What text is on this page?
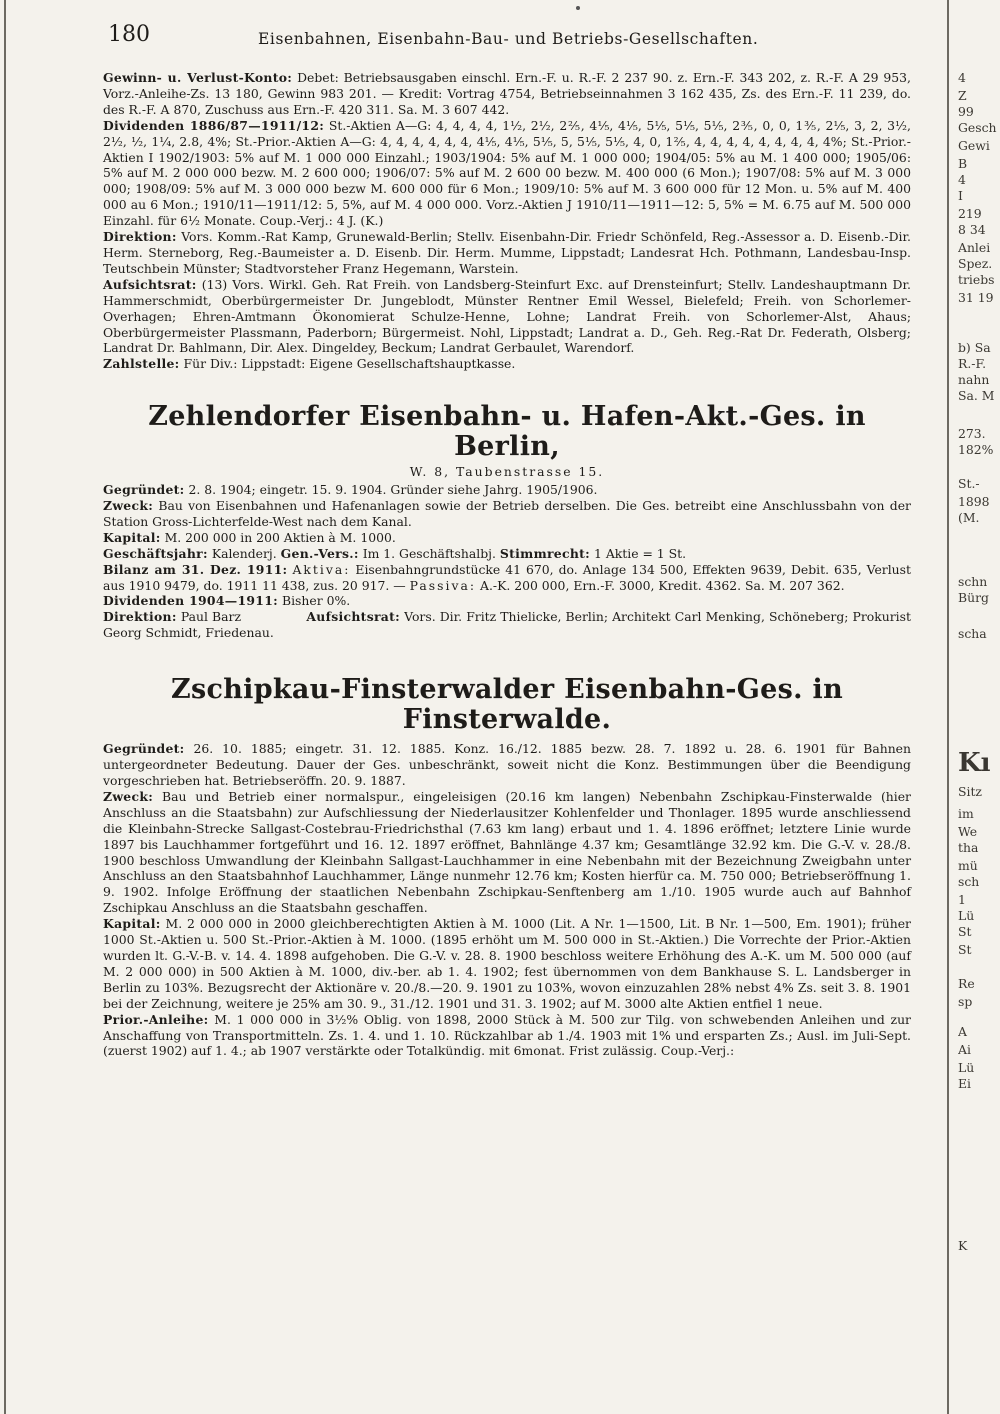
180	Eisenbahnen, Eisenbahn-Bau- und Betriebs-Gesellschaften.

Gewinn- u. Verlust-Konto: Debet: Betriebsausgaben einschl. Ern.-F. u. R.-F. 2 237 90. z. Ern.-F. 343 202, z. R.-F. A 29 953, Vorz.-Anleihe-Zs. 13 180, Gewinn 983 201. — Kredit: Vortrag 4754, Betriebseinnahmen 3 162 435, Zs. des Ern.-F. 11 239, do. des R.-F. A 870, Zuschuss aus Ern.-F. 420 311. Sa. M. 3 607 442.

Dividenden 1886/87—1911/12: St.-Aktien A—G: 4, 4, 4, 4, 1½, 2½, 2⅖, 4⅕, 4⅕, 5⅕, 5⅕, 5⅕, 2⅗, 0, 0, 1⅗, 2⅕, 3, 2, 3½, 2½, ½, 1¼, 2.8, 4%; St.-Prior.-Aktien A—G: 4, 4, 4, 4, 4, 4, 4⅕, 4⅕, 5⅕, 5, 5⅕, 5⅕, 4, 0, 1⅖, 4, 4, 4, 4, 4, 4, 4, 4, 4%; St.-Prior.-Aktien I 1902/1903: 5% auf M. 1 000 000 Einzahl.; 1903/1904: 5% auf M. 1 000 000; 1904/05: 5% au M. 1 400 000; 1905/06: 5% auf M. 2 000 000 bezw. M. 2 600 000; 1906/07: 5% auf M. 2 600 00 bezw. M. 400 000 (6 Mon.); 1907/08: 5% auf M. 3 000 000; 1908/09: 5% auf M. 3 000 000 bezw M. 600 000 für 6 Mon.; 1909/10: 5% auf M. 3 600 000 für 12 Mon. u. 5% auf M. 400 000 au 6 Mon.; 1910/11—1911/12: 5, 5%, auf M. 4 000 000. Vorz.-Aktien J 1910/11—1911—12: 5, 5% = M. 6.75 auf M. 500 000 Einzahl. für 6½ Monate. Coup.-Verj.: 4 J. (K.)

Direktion: Vors. Komm.-Rat Kamp, Grunewald-Berlin; Stellv. Eisenbahn-Dir. Friedr Schönfeld, Reg.-Assessor a. D. Eisenb.-Dir. Herm. Sterneborg, Reg.-Baumeister a. D. Eisenb. Dir. Herm. Mumme, Lippstadt; Landesrat Hch. Pothmann, Landesbau-Insp. Teutschbein Münster; Stadtvorsteher Franz Hegemann, Warstein.

Aufsichtsrat: (13) Vors. Wirkl. Geh. Rat Freih. von Landsberg-Steinfurt Exc. auf Drensteinfurt; Stellv. Landeshauptmann Dr. Hammerschmidt, Oberbürgermeister Dr. Jungeblodt, Münster Rentner Emil Wessel, Bielefeld; Freih. von Schorlemer-Overhagen; Ehren-Amtmann Ökonomierat Schulze-Henne, Lohne; Landrat Freih. von Schorlemer-Alst, Ahaus; Oberbürgermeister Plassmann, Paderborn; Bürgermeist. Nohl, Lippstadt; Landrat a. D., Geh. Reg.-Rat Dr. Federath, Olsberg; Landrat Dr. Bahlmann, Dir. Alex. Dingeldey, Beckum; Landrat Gerbaulet, Warendorf.

Zahlstelle: Für Div.: Lippstadt: Eigene Gesellschaftshauptkasse.

Zehlendorfer Eisenbahn- u. Hafen-Akt.-Ges. in Berlin,
W. 8, Taubenstrasse 15.

Gegründet: 2. 8. 1904; eingetr. 15. 9. 1904. Gründer siehe Jahrg. 1905/1906.

Zweck: Bau von Eisenbahnen und Hafenanlagen sowie der Betrieb derselben. Die Ges. betreibt eine Anschlussbahn von der Station Gross-Lichterfelde-West nach dem Kanal.

Kapital: M. 200 000 in 200 Aktien à M. 1000.

Geschäftsjahr: Kalenderj. Gen.-Vers.: Im 1. Geschäftshalbj. Stimmrecht: 1 Aktie = 1 St.

Bilanz am 31. Dez. 1911: Aktiva: Eisenbahngrundstücke 41 670, do. Anlage 134 500, Effekten 9639, Debit. 635, Verlust aus 1910 9479, do. 1911 11 438, zus. 20 917. — Passiva: A.-K. 200 000, Ern.-F. 3000, Kredit. 4362. Sa. M. 207 362.

Dividenden 1904—1911: Bisher 0%.

Direktion: Paul Barz	Aufsichtsrat: Vors. Dir. Fritz Thielicke, Berlin; Architekt Carl Menking, Schöneberg; Prokurist Georg Schmidt, Friedenau.

Zschipkau-Finsterwalder Eisenbahn-Ges. in Finsterwalde.

Gegründet: 26. 10. 1885; eingetr. 31. 12. 1885. Konz. 16./12. 1885 bezw. 28. 7. 1892 u. 28. 6. 1901 für Bahnen untergeordneter Bedeutung. Dauer der Ges. unbeschränkt, soweit nicht die Konz. Bestimmungen über die Beendigung vorgeschrieben hat. Betriebseröffn. 20. 9. 1887.

Zweck: Bau und Betrieb einer normalspur., eingeleisigen (20.16 km langen) Nebenbahn Zschipkau-Finsterwalde (hier Anschluss an die Staatsbahn) zur Aufschliessung der Niederlausitzer Kohlenfelder und Thonlager. 1895 wurde anschliessend die Kleinbahn-Strecke Sallgast-Costebrau-Friedrichsthal (7.63 km lang) erbaut und 1. 4. 1896 eröffnet; letztere Linie wurde 1897 bis Lauchhammer fortgeführt und 16. 12. 1897 eröffnet, Bahnlänge 4.37 km; Gesamtlänge 32.92 km. Die G.-V. v. 28./8. 1900 beschloss Umwandlung der Kleinbahn Sallgast-Lauchhammer in eine Nebenbahn mit der Bezeichnung Zweigbahn unter Anschluss an den Staatsbahnhof Lauchhammer, Länge nunmehr 12.76 km; Kosten hierfür ca. M. 750 000; Betriebseröffnung 1. 9. 1902. Infolge Eröffnung der staatlichen Nebenbahn Zschipkau-Senftenberg am 1./10. 1905 wurde auch auf Bahnhof Zschipkau Anschluss an die Staatsbahn geschaffen.

Kapital: M. 2 000 000 in 2000 gleichberechtigten Aktien à M. 1000 (Lit. A Nr. 1—1500, Lit. B Nr. 1—500, Em. 1901); früher 1000 St.-Aktien u. 500 St.-Prior.-Aktien à M. 1000. (1895 erhöht um M. 500 000 in St.-Aktien.) Die Vorrechte der Prior.-Aktien wurden lt. G.-V.-B. v. 14. 4. 1898 aufgehoben. Die G.-V. v. 28. 8. 1900 beschloss weitere Erhöhung des A.-K. um M. 500 000 (auf M. 2 000 000) in 500 Aktien à M. 1000, div.-ber. ab 1. 4. 1902; fest übernommen von dem Bankhause S. L. Landsberger in Berlin zu 103%. Bezugsrecht der Aktionäre v. 20./8.—20. 9. 1901 zu 103%, wovon einzuzahlen 28% nebst 4% Zs. seit 3. 8. 1901 bei der Zeichnung, weitere je 25% am 30. 9., 31./12. 1901 und 31. 3. 1902; auf M. 3000 alte Aktien entfiel 1 neue.

Prior.-Anleihe: M. 1 000 000 in 3½% Oblig. von 1898, 2000 Stück à M. 500 zur Tilg. von schwebenden Anleihen und zur Anschaffung von Transportmitteln. Zs. 1. 4. und 1. 10. Rückzahlbar ab 1./4. 1903 mit 1% und ersparten Zs.; Ausl. im Juli-Sept. (zuerst 1902) auf 1. 4.; ab 1907 verstärkte oder Totalkündig. mit 6monat. Frist zulässig. Coup.-Verj.:

4
Z
99
Gesch
Gewi
B
4
I
219
8 34
Anlei
Spez.
triebs
31 19
b) Sa
R.-F.
nahn
Sa. M
273.
182%
St.-
1898
(M.
schn
Bürg
scha
Kı
Sitz
im
We
tha
mü
sch
1
Lü
St
St
Re
sp
A
Ai
Lü
Ei
K
